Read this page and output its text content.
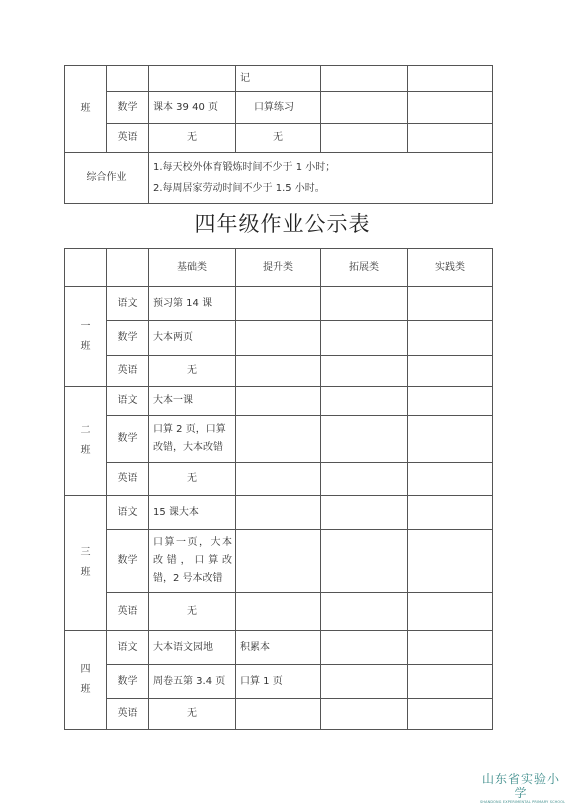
班			记		
	数学	课本 39 40 页	口算练习		
	英语	无	无		
综合作业		1.每天校外体育锻炼时间不少于 1 小时；
2.每周居家劳动时间不少于 1.5 小时。			
四年级作业公示表
		基础类	提升类	拓展类	实践类

一
班	语文	预习第 14 课			
	数学	大本两页			
	英语	无			

二
班	语文	大本一课			
	数学	口算 2 页，口算改错，大本改错			
	英语	无			

三
班	语文	15 课大本			
	数学	口算一页，大本改错，口算改错，2 号本改错			
	英语	无			

四
班	语文	大本语文园地	积累本		
	数学	周卷五第 3.4 页	口算 1 页		
	英语	无			
山东省实验小学
SHANDONG EXPERIMENTAL PRIMARY SCHOOL
